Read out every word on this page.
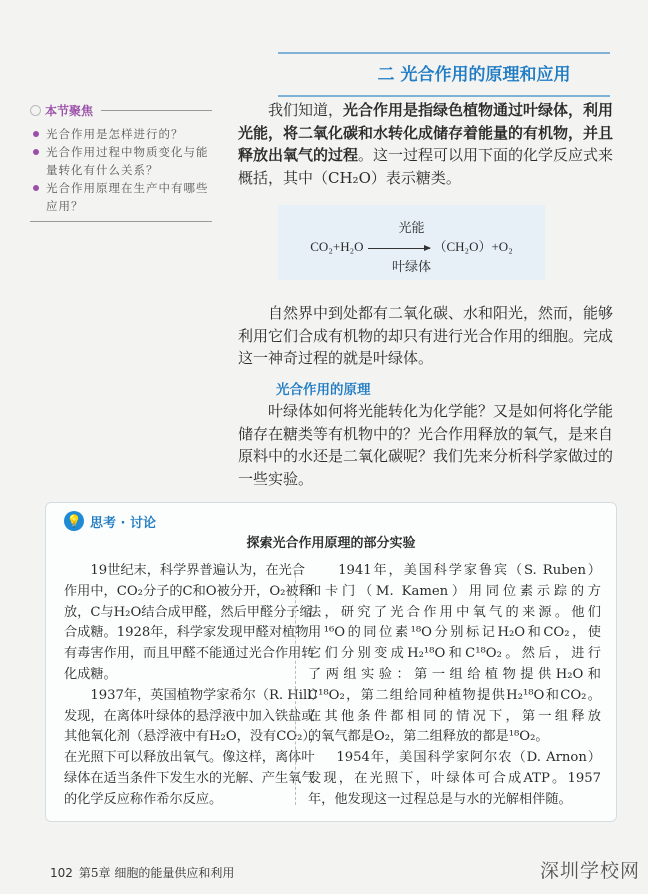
二 光合作用的原理和应用
本节聚焦
光合作用是怎样进行的？
光合作用过程中物质变化与能量转化有什么关系？
光合作用原理在生产中有哪些应用？
　　我们知道，光合作用是指绿色植物通过叶绿体，利用
光能，将二氧化碳和水转化成储存着能量的有机物，并且
释放出氧气的过程。这一过程可以用下面的化学反应式来
概括，其中（CH₂O）表示糖类。
光能
CO₂+H₂O	（CH₂O）+O₂
叶绿体
　　自然界中到处都有二氧化碳、水和阳光，然而，能够
利用它们合成有机物的却只有进行光合作用的细胞。完成
这一神奇过程的就是叶绿体。
光合作用的原理
　　叶绿体如何将光能转化为化学能？又是如何将化学能
储存在糖类等有机物中的？光合作用释放的氧气，是来自
原料中的水还是二氧化碳呢？我们先来分析科学家做过的
一些实验。
💡 思考 · 讨论
探索光合作用原理的部分实验
　　19世纪末，科学界普遍认为，在光合
作用中，CO₂分子的C和O被分开，O₂被释
放，C与H₂O结合成甲醛，然后甲醛分子缩
合成糖。1928年，科学家发现甲醛对植物
有毒害作用，而且甲醛不能通过光合作用转
化成糖。
　　1937年，英国植物学家希尔（R. Hill）
发现，在离体叶绿体的悬浮液中加入铁盐或
其他氧化剂（悬浮液中有H₂O，没有CO₂），
在光照下可以释放出氧气。像这样，离体叶
绿体在适当条件下发生水的光解、产生氧气
的化学反应称作希尔反应。
　　1941年，美国科学家鲁宾（S. Ruben）
和卡门（M. Kamen）用同位素示踪的方
法，研究了光合作用中氧气的来源。他们
用¹⁶O的同位素¹⁸O分别标记H₂O和CO₂，使
它们分别变成H₂¹⁸O和C¹⁸O₂。然后，进行
了两组实验：第一组给植物提供H₂O和
C¹⁸O₂，第二组给同种植物提供H₂¹⁸O和CO₂。
在其他条件都相同的情况下，第一组释放
的氧气都是O₂，第二组释放的都是¹⁸O₂。
　　1954年，美国科学家阿尔农（D. Arnon）
发现，在光照下，叶绿体可合成ATP。1957
年，他发现这一过程总是与水的光解相伴随。
102 第5章 细胞的能量供应和利用	深圳学校网
